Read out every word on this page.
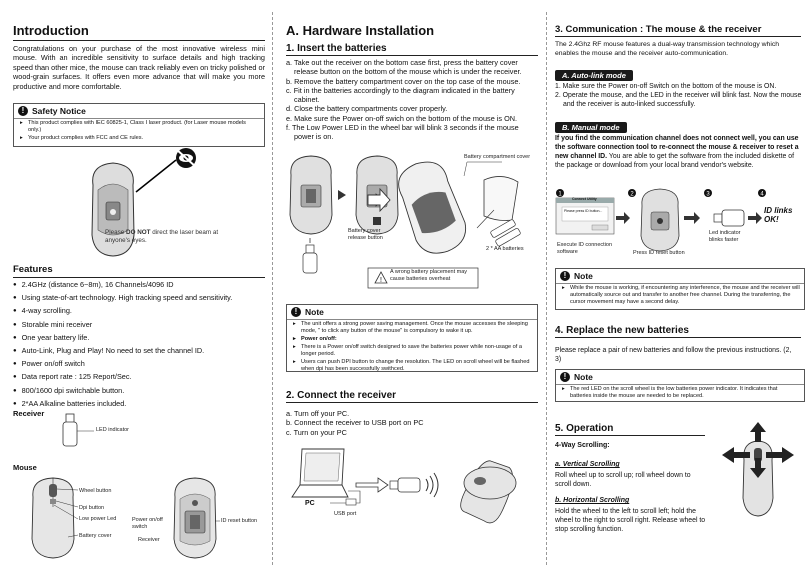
Introduction

Congratulations on your purchase of the most innovative wireless mini mouse. With an incredible sensitivity to surface details and high tracking speed than other mice, the mouse can track reliably even on tricky polished or wood-grain surfaces. It offers even more advance that will make you more productive and more comfortable.

! Safety Notice
▸ This product complies with IEC 60825-1, Class I laser product. (for Laser mouse models only.)
▸ Your product complies with FCC and CE rules.
Please DO NOT direct the laser beam at anyone's eyes.
Features
● 2.4GHz (distance 6~8m), 16 Channels/4096 ID
● Using state-of-art technology. High tracking speed and sensitivity.
● 4-way scrolling.
● Storable mini receiver
● One year battery life.
● Auto-Link, Plug and Play! No need to set the channel ID.
● Power on/off switch
● Data report rate : 125 Report/Sec.
● 800/1600 dpi switchable button.
● 2*AA Alkaline batteries included.
Receiver
LED indicator
Mouse
Wheel button
Dpi button
Low power Led
Battery cover
Power on/off switch
Receiver
ID reset button
A. Hardware Installation
1. Insert the batteries
a. Take out the receiver on the bottom case first, press the battery cover release button on the bottom of the mouse which is under the receiver.
b. Remove the battery compartment cover on the top case of the mouse.
c. Fit in the batteries accordingly to the diagram indicated in the battery cabinet.
d. Close the battery compartments cover properly.
e. Make sure the Power on-off swich on the bottom of the mouse is ON.
f. The Low Power LED in the wheel bar will blink 3 seconds if the mouse power is on.
!
Battery compartment cover
Battery cover release button
2 * AA batteries
A wrong battery placement may cause batteries overheat
! Note
▸ The unit offers a strong power saving management. Once the mouse accesses the sleeping mode, " to click any button of the mouse" is compulsory to wake it up.
▸ Power on/off:
▸ There is a Power on/off switch designed to save the batteries power while non-usage of a longer period.
▸ Users can push DPI button to change the resolution. The LED on scroll wheel will be flashed when dpi has been successfully swithced.
2. Connect the receiver
a. Turn off your PC.
b. Connect the receiver to USB port on PC
c. Turn on your PC
PC
USB port
3. Communication : The mouse & the receiver

The 2.4Ghz RF mouse features a dual-way transmission technology which enables the mouse and the receiver auto-communication.

A. Auto-link mode
1. Make sure the Power on-off Switch on the bottom of the mouse is ON.
2. Operate the mouse, and the LED in the receiver will blink fast. Now the mouse and the receiver is auto-linked successfully.
B. Manual mode

If you find the communication channel does not connect well, you can use the software connection tool to re-connect the mouse & receiver to reset a new channel ID. You are able to get the software from the included diskette of the package or download from your local brand vendor's website.

1	2	3	4
Connect Utility
Please press ID button...	ID links OK!
Execute ID connection software	Press ID reset button
Led indicator blinks faster
! Note
▸ While the mouse is working, if encountering any interference, the mouse and the receiver will automatically source out and transfer to another free channel. During the transferring, the cursor movement may have a second delay.
4. Replace the new batteries

Please replace a pair of new batteries and follow the previous instructions. (2, 3)

! Note
▸ The red LED on the scroll wheel is the low batteries power indicator. It indicates that batteries inside the mouse are needed to be replaced.
5. Operation
4-Way Scrolling:
a. Vertical Scrolling

Roll wheel up to scroll up; roll wheel down to scroll down.

b. Horizontal Scrolling

Hold the wheel to the left to scroll left; hold the wheel to the right to scroll right. Release wheel to stop scrolling function.
